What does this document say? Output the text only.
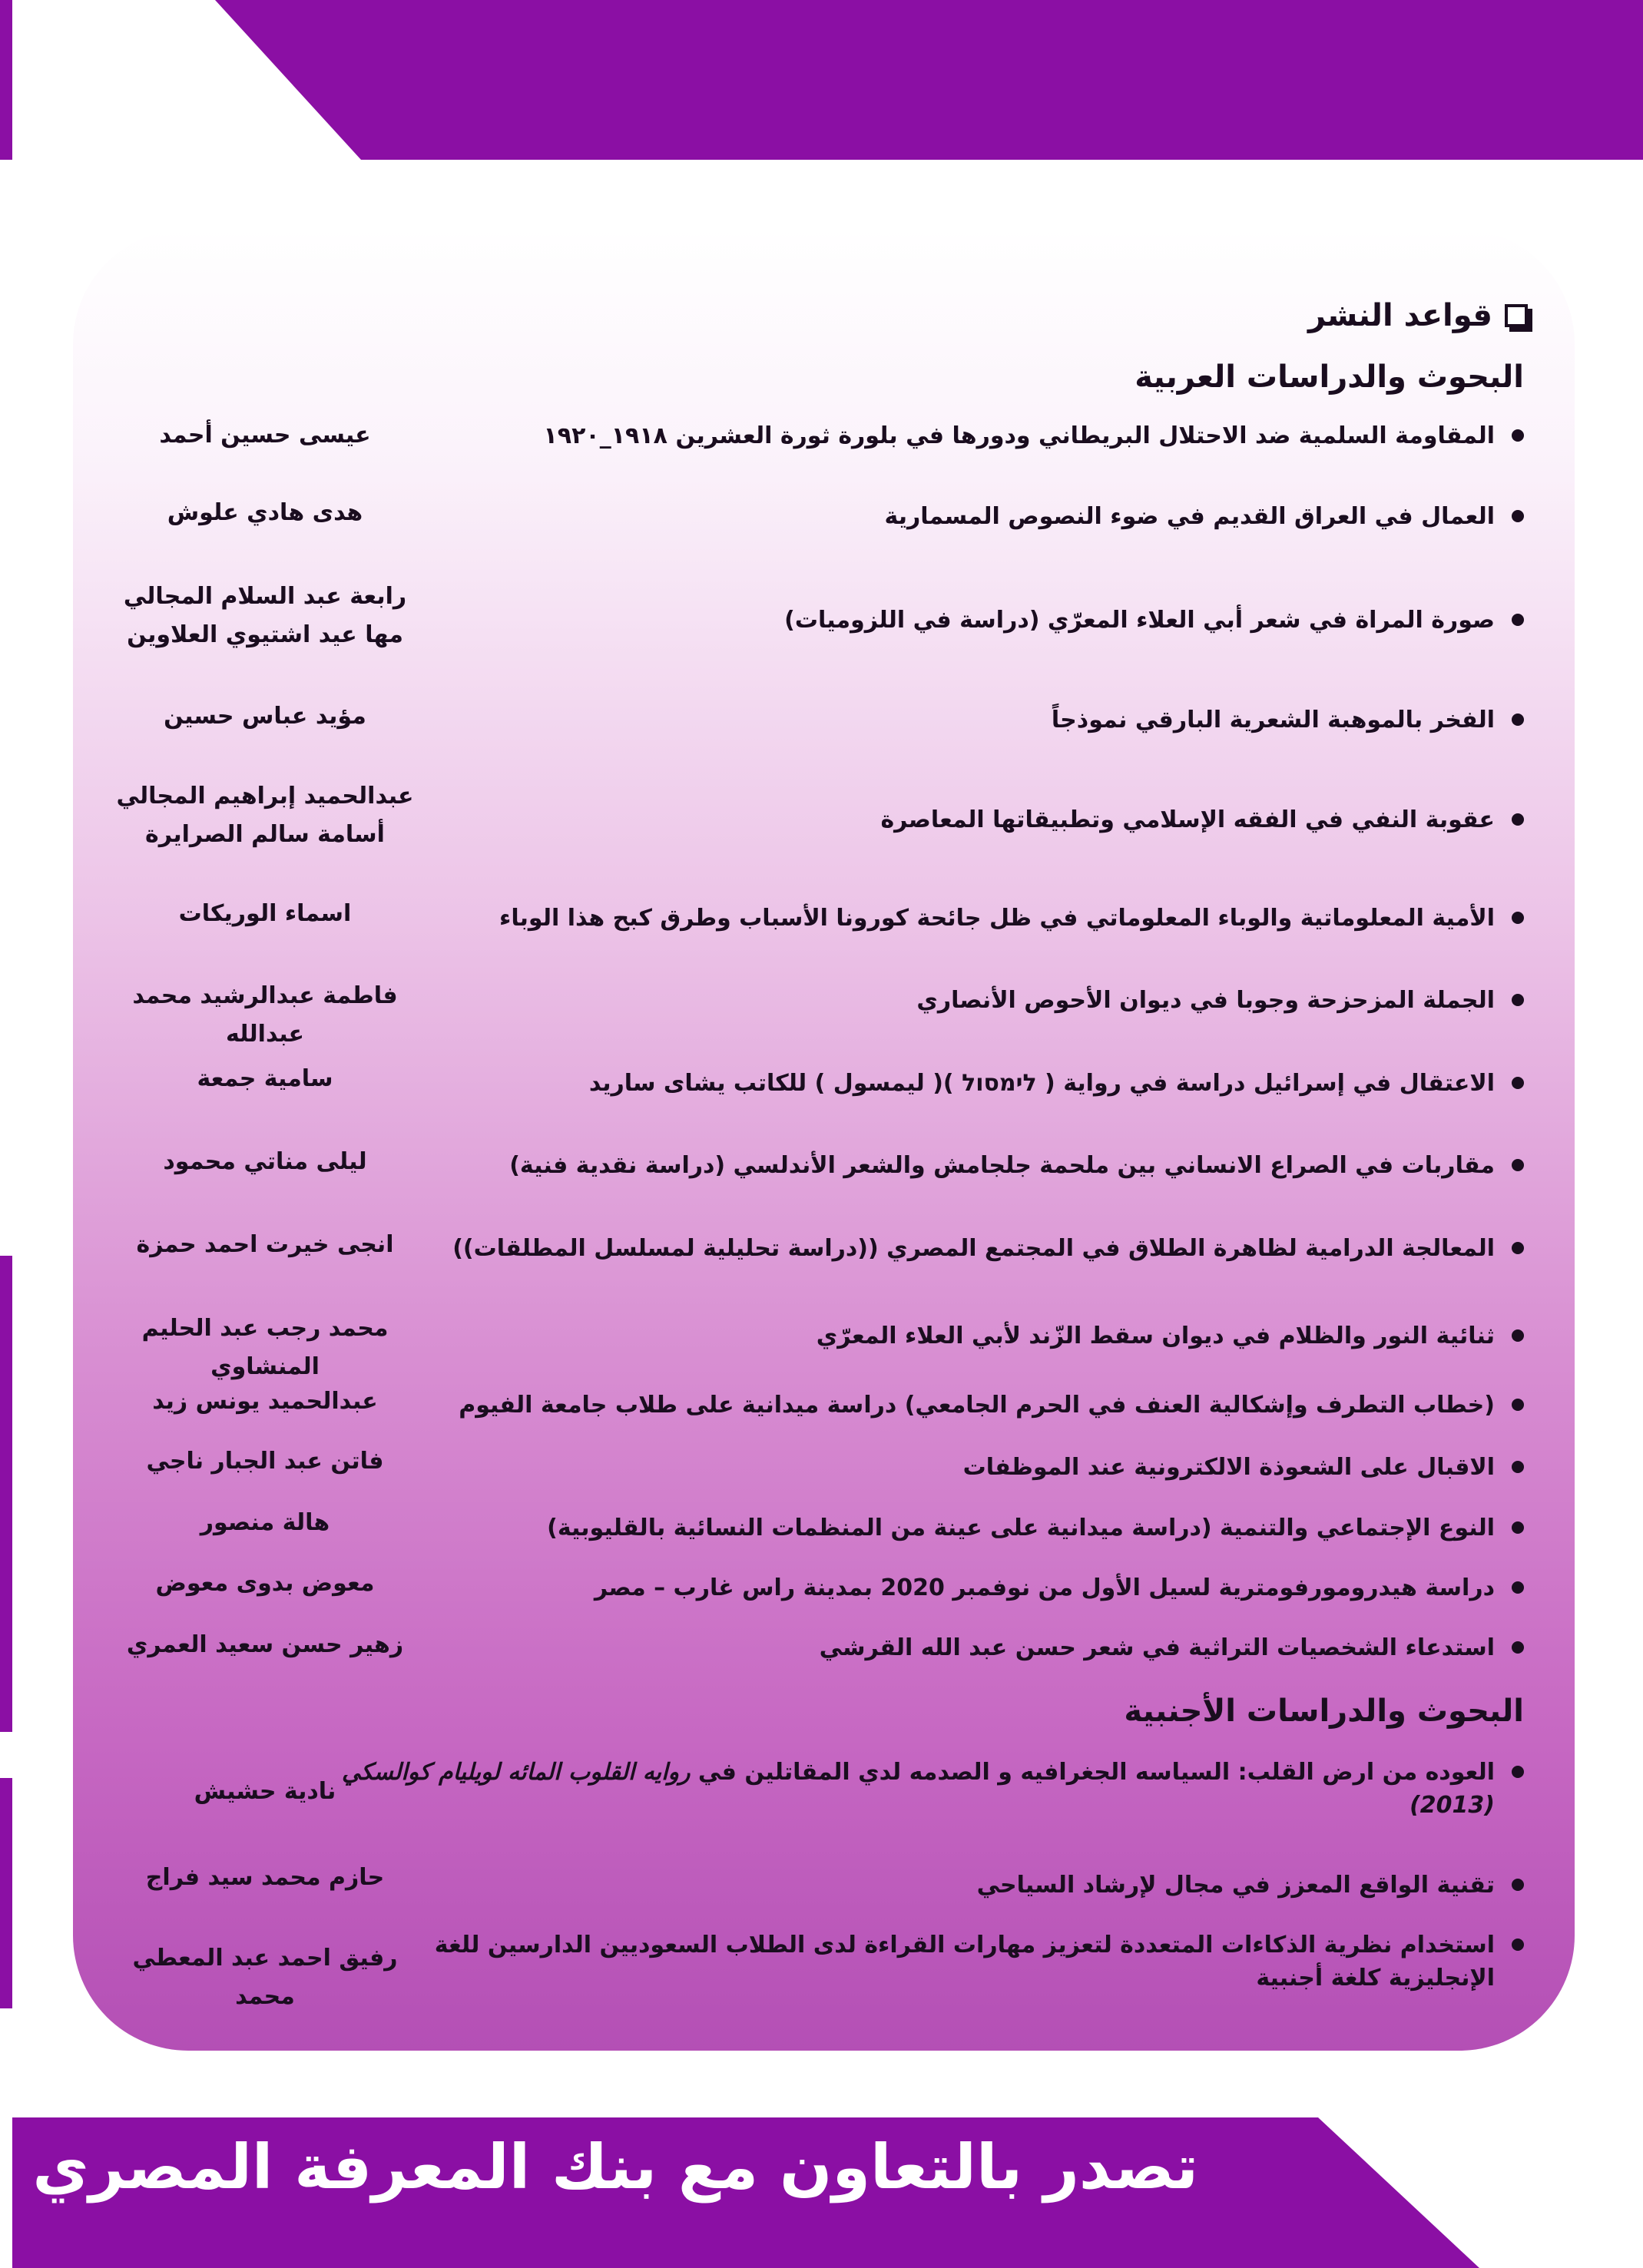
قواعد النشر
البحوث والدراسات العربية
المقاومة السلمية ضد الاحتلال البريطاني ودورها في بلورة ثورة العشرين ١٩١٨_١٩٢٠
العمال في العراق القديم في ضوء النصوص المسمارية
صورة المراة في شعر أبي العلاء المعرّي (دراسة في اللزوميات)
الفخر بالموهبة الشعرية البارقي نموذجاً
عقوبة النفي في الفقه الإسلامي وتطبيقاتها المعاصرة
الأمية المعلوماتية والوباء المعلوماتي في ظل جائحة كورونا الأسباب وطرق كبح هذا الوباء
الجملة المزحزحة وجوبا في ديوان الأحوص الأنصاري
الاعتقال في إسرائيل دراسة في رواية ( לימסול )( ليمسول ) للكاتب يشاى ساريد
مقاربات في الصراع الانساني بين ملحمة جلجامش والشعر الأندلسي (دراسة نقدية فنية)
المعالجة الدرامية لظاهرة الطلاق في المجتمع المصري ((دراسة تحليلية لمسلسل المطلقات))
ثنائية النور والظلام في ديوان سقط الزّند لأبي العلاء المعرّي
(خطاب التطرف وإشكالية العنف في الحرم الجامعي) دراسة ميدانية على طلاب جامعة الفيوم
الاقبال على الشعوذة الالكترونية عند الموظفات
النوع الإجتماعي والتنمية (دراسة ميدانية على عينة من المنظمات النسائية بالقليوبية)
دراسة هيدرومورفومترية لسيل الأول من نوفمبر 2020 بمدينة راس غارب – مصر
استدعاء الشخصيات التراثية في شعر حسن عبد الله القرشي
البحوث والدراسات الأجنبية
العوده من ارض القلب: السياسه الجغرافيه و الصدمه لدي المقاتلين في روايه القلوب المائه لويليام كوالسكي
(2013)
تقنية الواقع المعزز في مجال لإرشاد السياحي
استخدام نظرية الذكاءات المتعددة لتعزيز مهارات القراءة لدى الطلاب السعوديين الدارسين للغة
الإنجليزية كلغة أجنبية
عيسى حسين أحمد
هدى هادي علوش
رابعة عبد السلام المجالي
مها عيد اشتيوي العلاوين
مؤيد عباس حسين
عبدالحميد إبراهيم المجالي
أسامة سالم الصرايرة
اسماء الوريكات
فاطمة عبدالرشيد محمد عبدالله
سامية جمعة
ليلى مناتي محمود
انجى خيرت احمد حمزة
محمد رجب عبد الحليم المنشاوي
عبدالحميد يونس زيد
فاتن عبد الجبار ناجي
هالة منصور
معوض بدوى معوض
زهير حسن سعيد العمري
نادية حشيش
حازم محمد سيد فراج
رفيق احمد عبد المعطي محمد
تصدر بالتعاون مع بنك المعرفة المصري
